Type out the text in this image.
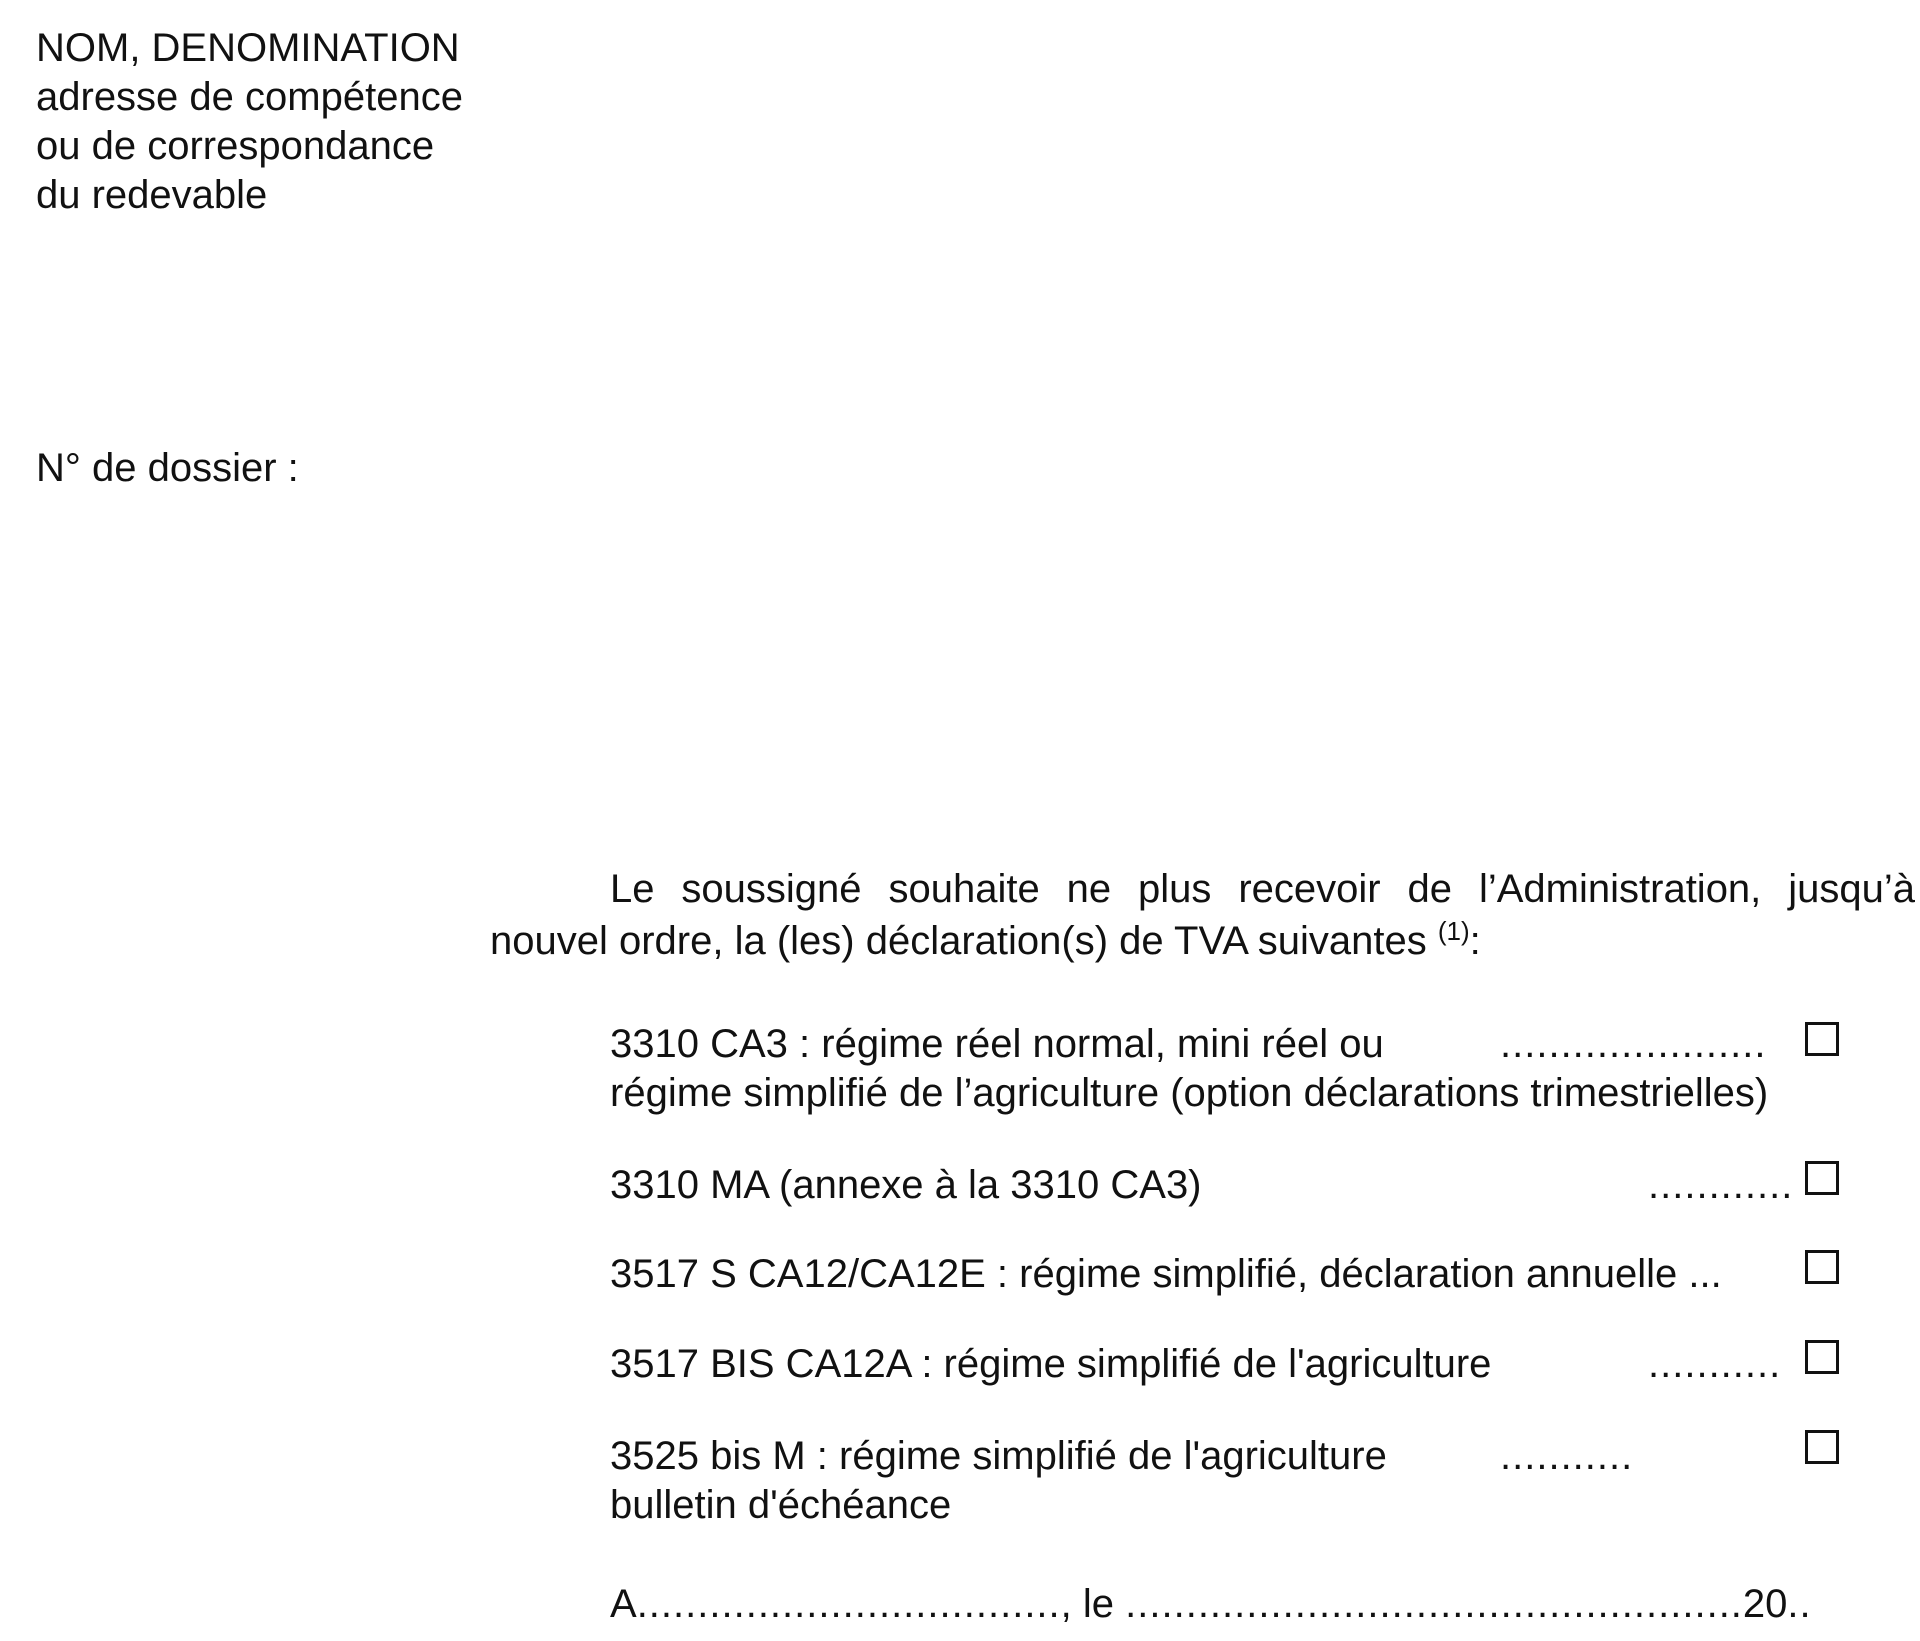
NOM, DENOMINATION
adresse de compétence
ou de correspondance
du redevable
N° de dossier :
Le soussigné souhaite ne plus recevoir de l’Administration, jusqu’à
nouvel ordre, la (les) déclaration(s) de TVA suivantes $^{(1)}$:
3310 CA3 : régime réel normal, mini réel ou	......................
régime simplifié de l’agriculture (option déclarations trimestrielles)
3310 MA (annexe à la 3310 CA3)	............
3517 S CA12/CA12E : régime simplifié, déclaration annuelle ...
3517 BIS CA12A : régime simplifié de l'agriculture	...........
3525 bis M : régime simplifié de l'agriculture	...........
bulletin d'échéance
A..................................., le ...................................................20..
